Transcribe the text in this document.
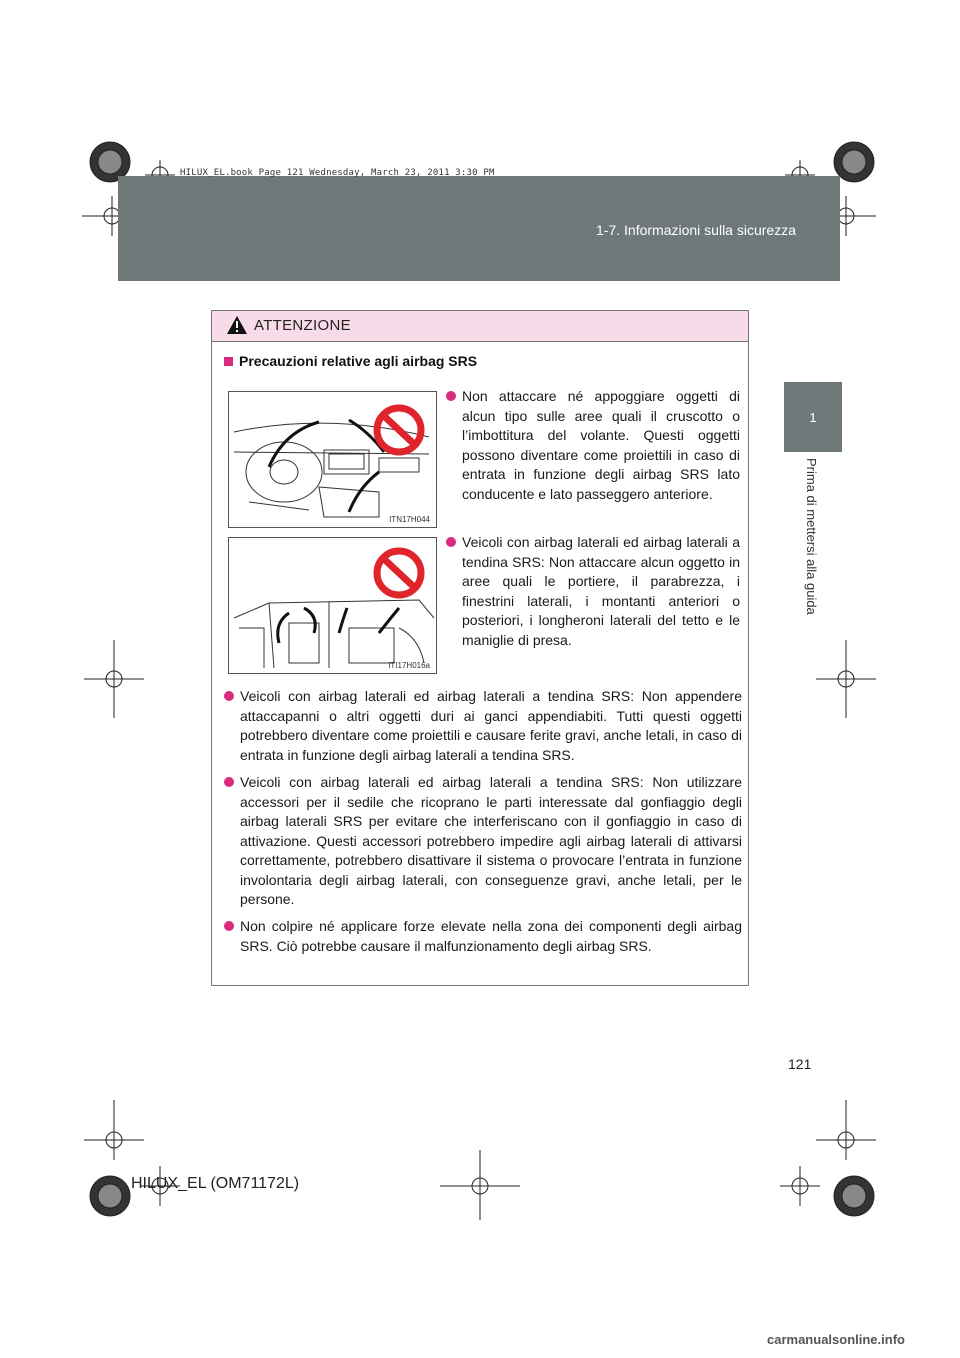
1-7. Informazioni sulla sicurezza
HILUX_EL.book Page 121 Wednesday, March 23, 2011 3:30 PM
1
Prima di mettersi alla guida
ATTENZIONE
Precauzioni relative agli airbag SRS
ITN17H044
ITI17H016a
Non attaccare né appoggiare oggetti di alcun tipo sulle aree quali il cruscotto o l’imbottitura del volante. Questi oggetti possono diventare come proiettili in caso di entrata in funzione degli airbag SRS lato conducente e lato passeggero anteriore.
Veicoli con airbag laterali ed airbag laterali a tendina SRS: Non attaccare alcun oggetto in aree quali le portiere, il parabrezza, i finestrini laterali, i montanti anteriori o posteriori, i longheroni laterali del tetto e le maniglie di presa.
Veicoli con airbag laterali ed airbag laterali a tendina SRS: Non appendere attaccapanni o altri oggetti duri ai ganci appendiabiti. Tutti questi oggetti potrebbero diventare come proiettili e causare ferite gravi, anche letali, in caso di entrata in funzione degli airbag laterali a tendina SRS.
Veicoli con airbag laterali ed airbag laterali a tendina SRS: Non utilizzare accessori per il sedile che ricoprano le parti interessate dal gonfiaggio degli airbag laterali SRS per evitare che interferiscano con il gonfiaggio in caso di attivazione. Questi accessori potrebbero impedire agli airbag laterali di attivarsi correttamente, potrebbero disattivare il sistema o provocare l’entrata in funzione involontaria degli airbag laterali, con conseguenze gravi, anche letali, per le persone.
Non colpire né applicare forze elevate nella zona dei componenti degli airbag SRS. Ciò potrebbe causare il malfunzionamento degli airbag SRS.
121
HILUX_EL (OM71172L)
carmanualsonline.info
